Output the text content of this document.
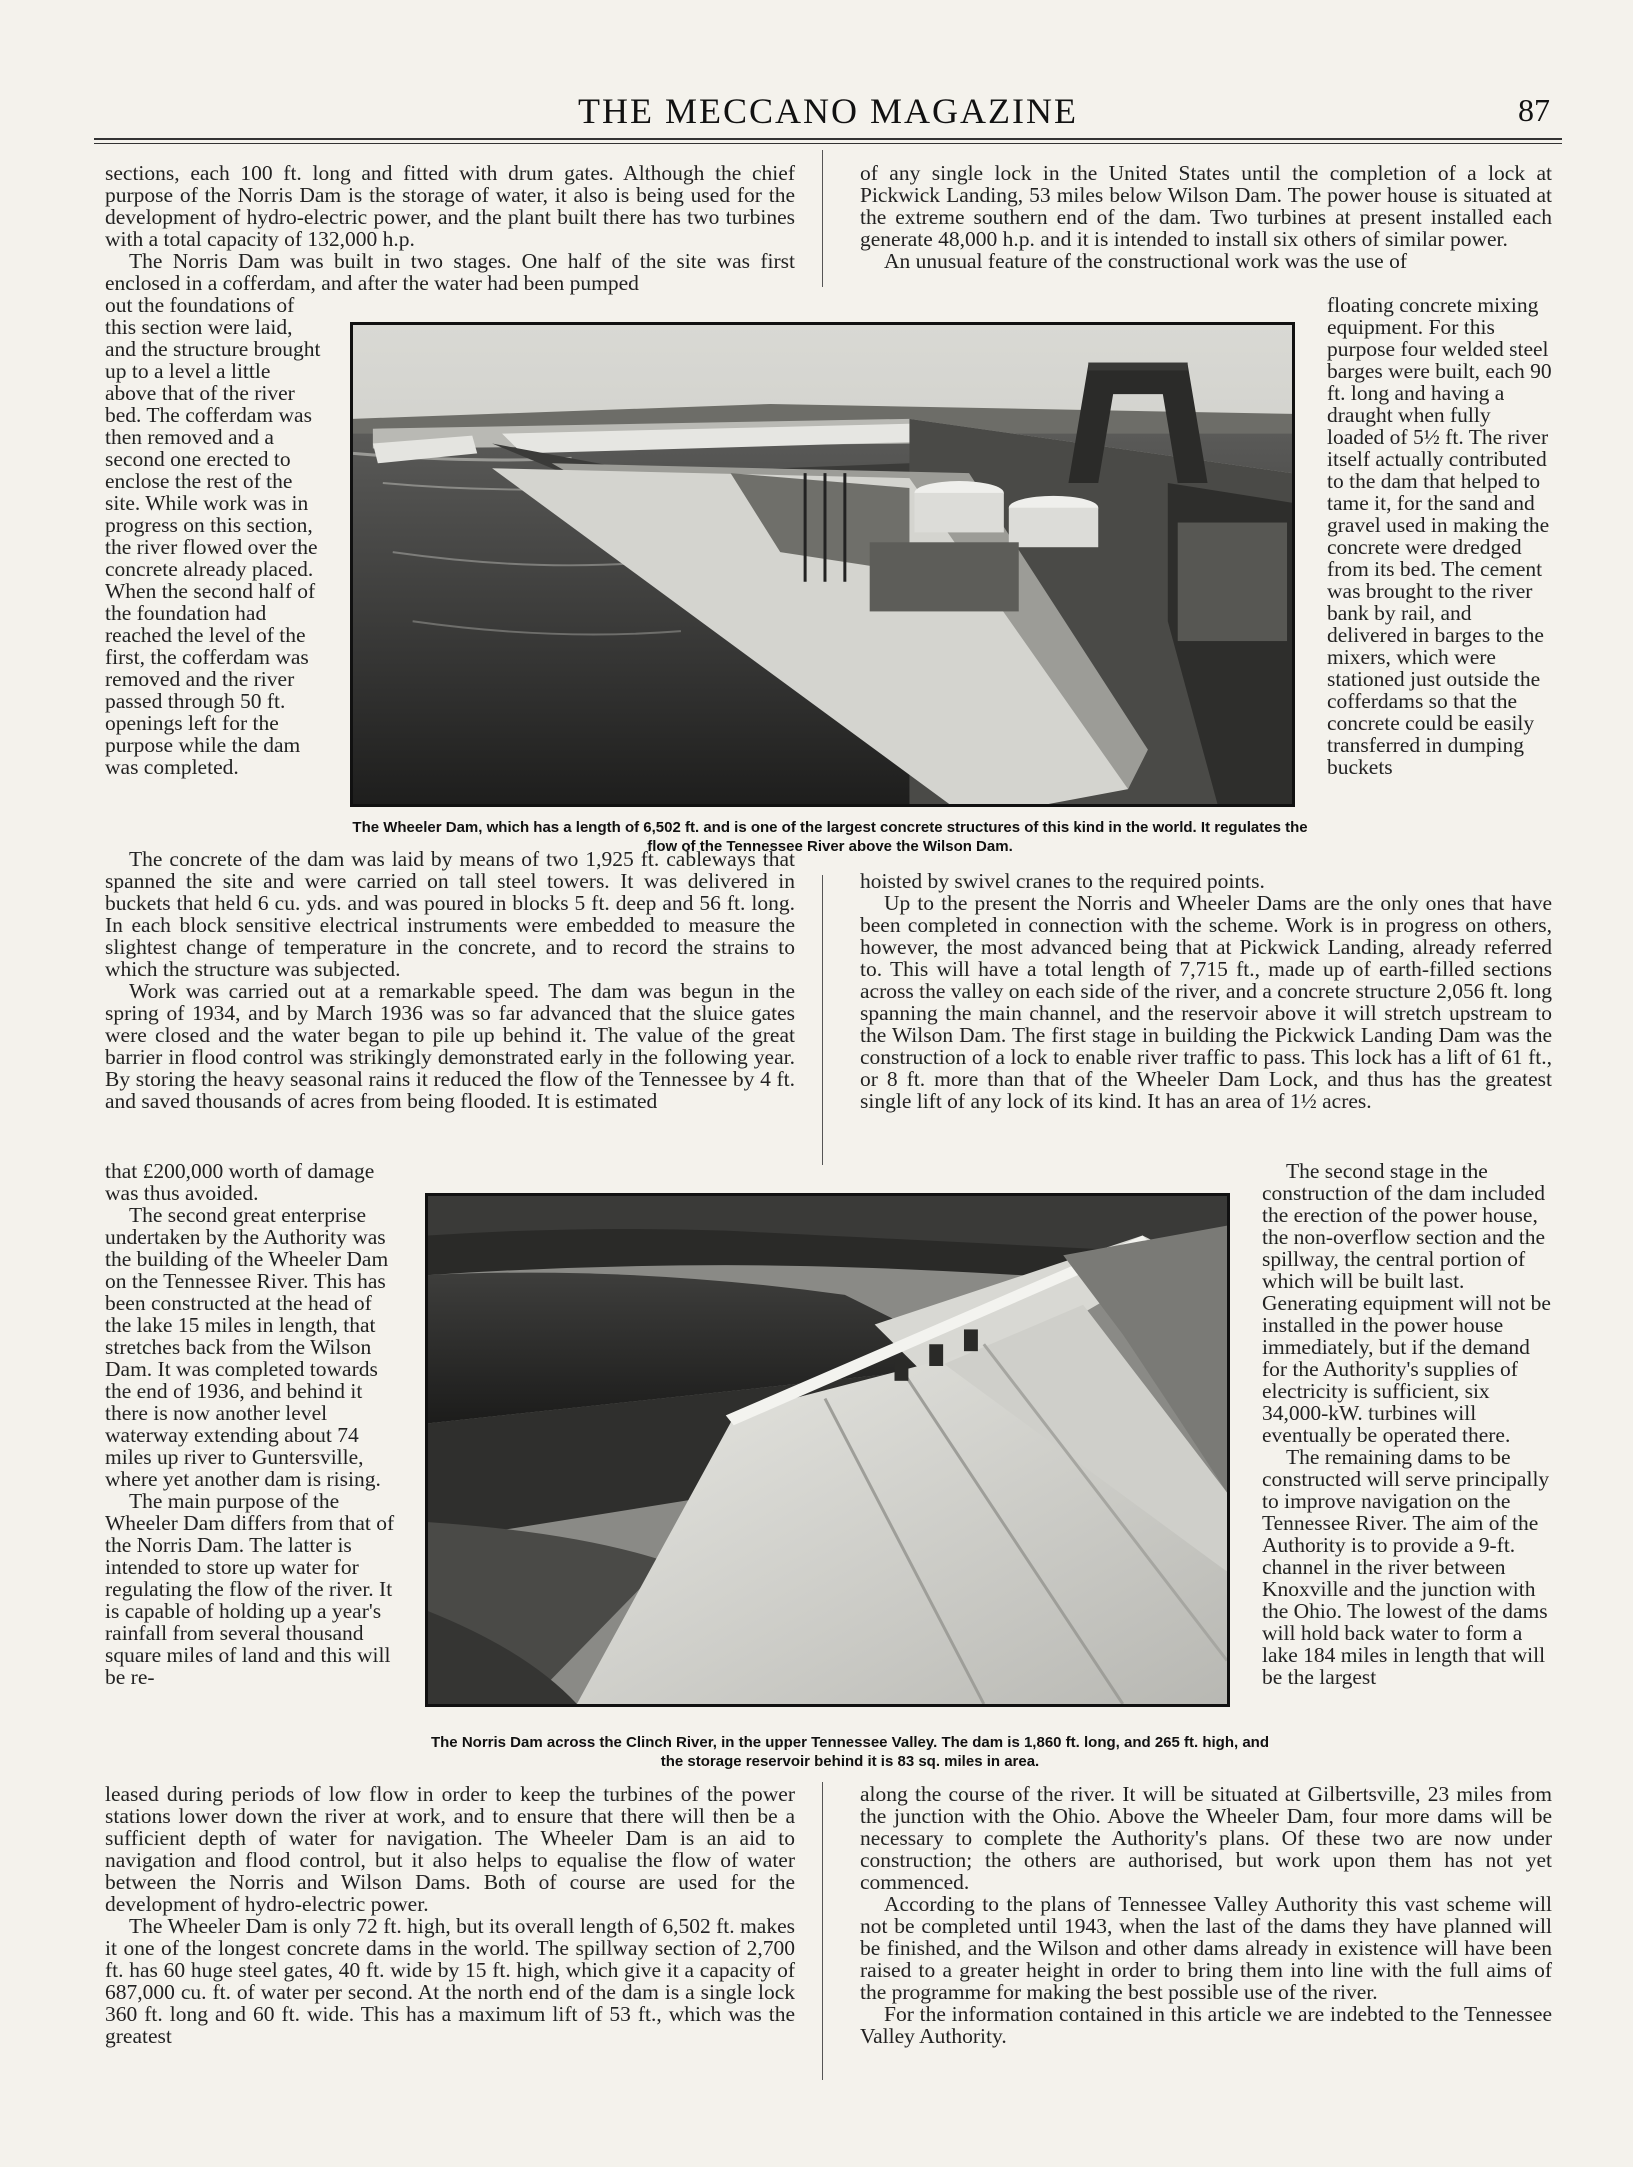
THE MECCANO MAGAZINE	87

sections, each 100 ft. long and fitted with drum gates. Although the chief purpose of the Norris Dam is the storage of water, it also is being used for the development of hydro-electric power, and the plant built there has two turbines with a total capacity of 132,000 h.p.

The Norris Dam was built in two stages. One half of the site was first enclosed in a cofferdam, and after the water had been pumped

out the foundations of this section were laid, and the structure brought up to a level a little above that of the river bed. The cofferdam was then removed and a second one erected to enclose the rest of the site. While work was in progress on this section, the river flowed over the concrete already placed. When the second half of the foundation had reached the level of the first, the cofferdam was removed and the river passed through 50 ft. openings left for the purpose while the dam was completed.

The concrete of the dam was laid by means of two 1,925 ft. cableways that spanned the site and were carried on tall steel towers. It was delivered in buckets that held 6 cu. yds. and was poured in blocks 5 ft. deep and 56 ft. long. In each block sensitive electrical instruments were embedded to measure the slightest change of temperature in the concrete, and to record the strains to which the structure was subjected.

Work was carried out at a remarkable speed. The dam was begun in the spring of 1934, and by March 1936 was so far advanced that the sluice gates were closed and the water began to pile up behind it. The value of the great barrier in flood control was strikingly demonstrated early in the following year. By storing the heavy seasonal rains it reduced the flow of the Tennessee by 4 ft. and saved thousands of acres from being flooded. It is estimated

that £200,000 worth of damage was thus avoided.

The second great enterprise undertaken by the Authority was the building of the Wheeler Dam on the Tennessee River. This has been constructed at the head of the lake 15 miles in length, that stretches back from the Wilson Dam. It was completed towards the end of 1936, and behind it there is now another level waterway extending about 74 miles up river to Guntersville, where yet another dam is rising.

The main purpose of the Wheeler Dam differs from that of the Norris Dam. The latter is intended to store up water for regulating the flow of the river. It is capable of holding up a year's rainfall from several thousand square miles of land and this will be re-

leased during periods of low flow in order to keep the turbines of the power stations lower down the river at work, and to ensure that there will then be a sufficient depth of water for navigation. The Wheeler Dam is an aid to navigation and flood control, but it also helps to equalise the flow of water between the Norris and Wilson Dams. Both of course are used for the development of hydro-electric power.

The Wheeler Dam is only 72 ft. high, but its overall length of 6,502 ft. makes it one of the longest concrete dams in the world. The spillway section of 2,700 ft. has 60 huge steel gates, 40 ft. wide by 15 ft. high, which give it a capacity of 687,000 cu. ft. of water per second. At the north end of the dam is a single lock 360 ft. long and 60 ft. wide. This has a maximum lift of 53 ft., which was the greatest

of any single lock in the United States until the completion of a lock at Pickwick Landing, 53 miles below Wilson Dam. The power house is situated at the extreme southern end of the dam. Two turbines at present installed each generate 48,000 h.p. and it is intended to install six others of similar power.

An unusual feature of the constructional work was the use of

floating concrete mixing equipment. For this purpose four welded steel barges were built, each 90 ft. long and having a draught when fully loaded of 5½ ft. The river itself actually contributed to the dam that helped to tame it, for the sand and gravel used in making the concrete were dredged from its bed. The cement was brought to the river bank by rail, and delivered in barges to the mixers, which were stationed just outside the cofferdams so that the concrete could be easily transferred in dumping buckets

hoisted by swivel cranes to the required points.

Up to the present the Norris and Wheeler Dams are the only ones that have been completed in connection with the scheme. Work is in progress on others, however, the most advanced being that at Pickwick Landing, already referred to. This will have a total length of 7,715 ft., made up of earth-filled sections across the valley on each side of the river, and a concrete structure 2,056 ft. long spanning the main channel, and the reservoir above it will stretch upstream to the Wilson Dam. The first stage in building the Pickwick Landing Dam was the construction of a lock to enable river traffic to pass. This lock has a lift of 61 ft., or 8 ft. more than that of the Wheeler Dam Lock, and thus has the greatest single lift of any lock of its kind. It has an area of 1½ acres.

The second stage in the construction of the dam included the erection of the power house, the non-overflow section and the spillway, the central portion of which will be built last. Generating equipment will not be installed in the power house immediately, but if the demand for the Authority's supplies of electricity is sufficient, six 34,000-kW. turbines will eventually be operated there.

The remaining dams to be constructed will serve principally to improve navigation on the Tennessee River. The aim of the Authority is to provide a 9-ft. channel in the river between Knoxville and the junction with the Ohio. The lowest of the dams will hold back water to form a lake 184 miles in length that will be the largest

along the course of the river. It will be situated at Gilbertsville, 23 miles from the junction with the Ohio. Above the Wheeler Dam, four more dams will be necessary to complete the Authority's plans. Of these two are now under construction; the others are authorised, but work upon them has not yet commenced.

According to the plans of Tennessee Valley Authority this vast scheme will not be completed until 1943, when the last of the dams they have planned will be finished, and the Wilson and other dams already in existence will have been raised to a greater height in order to bring them into line with the full aims of the programme for making the best possible use of the river.

For the information contained in this article we are indebted to the Tennessee Valley Authority.

The Wheeler Dam, which has a length of 6,502 ft. and is one of the largest concrete structures of this kind in the world. It regulates the flow of the Tennessee River above the Wilson Dam.
The Norris Dam across the Clinch River, in the upper Tennessee Valley. The dam is 1,860 ft. long, and 265 ft. high, and the storage reservoir behind it is 83 sq. miles in area.
